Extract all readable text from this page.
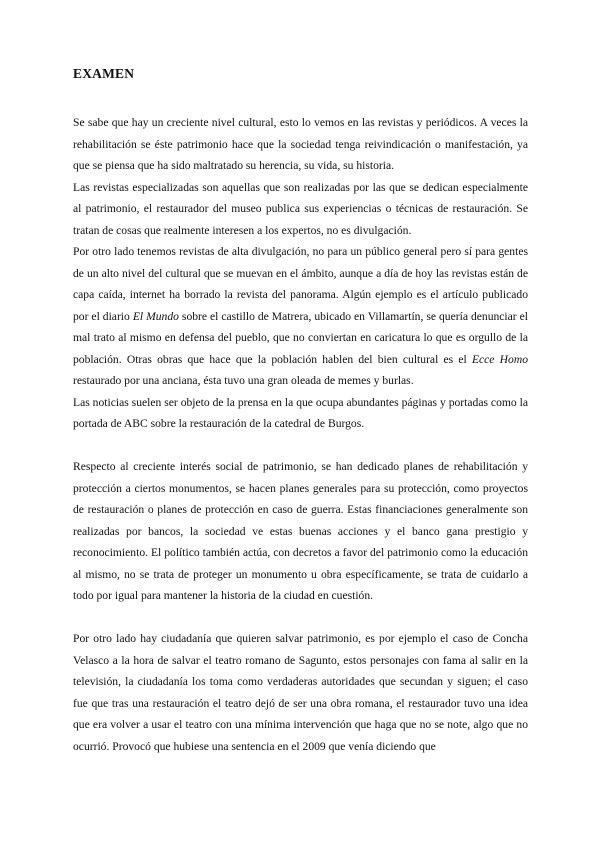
EXAMEN

Se sabe que hay un creciente nivel cultural, esto lo vemos en las revistas y periódicos. A veces la rehabilitación se éste patrimonio hace que la sociedad tenga reivindicación o manifestación, ya que se piensa que ha sido maltratado su herencia, su vida, su historia.

Las revistas especializadas son aquellas que son realizadas por las que se dedican especialmente al patrimonio, el restaurador del museo publica sus experiencias o técnicas de restauración. Se tratan de cosas que realmente interesen a los expertos, no es divulgación.

Por otro lado tenemos revistas de alta divulgación, no para un público general pero sí para gentes de un alto nivel del cultural que se muevan en el ámbito, aunque a día de hoy las revistas están de capa caída, internet ha borrado la revista del panorama. Algún ejemplo es el artículo publicado por el diario El Mundo sobre el castillo de Matrera, ubicado en Villamartín, se quería denunciar el mal trato al mismo en defensa del pueblo, que no conviertan en caricatura lo que es orgullo de la población. Otras obras que hace que la población hablen del bien cultural es el Ecce Homo restaurado por una anciana, ésta tuvo una gran oleada de memes y burlas.

Las noticias suelen ser objeto de la prensa en la que ocupa abundantes páginas y portadas como la portada de ABC sobre la restauración de la catedral de Burgos.

Respecto al creciente interés social de patrimonio, se han dedicado planes de rehabilitación y protección a ciertos monumentos, se hacen planes generales para su protección, como proyectos de restauración o planes de protección en caso de guerra. Estas financiaciones generalmente son realizadas por bancos, la sociedad ve estas buenas acciones y el banco gana prestigio y reconocimiento. El político también actúa, con decretos a favor del patrimonio como la educación al mismo, no se trata de proteger un monumento u obra específicamente, se trata de cuidarlo a todo por igual para mantener la historia de la ciudad en cuestión.

Por otro lado hay ciudadanía que quieren salvar patrimonio, es por ejemplo el caso de Concha Velasco a la hora de salvar el teatro romano de Sagunto, estos personajes con fama al salir en la televisión, la ciudadanía los toma como verdaderas autoridades que secundan y siguen; el caso fue que tras una restauración el teatro dejó de ser una obra romana, el restaurador tuvo una idea que era volver a usar el teatro con una mínima intervención que haga que no se note, algo que no ocurrió. Provocó que hubiese una sentencia en el 2009 que venía diciendo que
